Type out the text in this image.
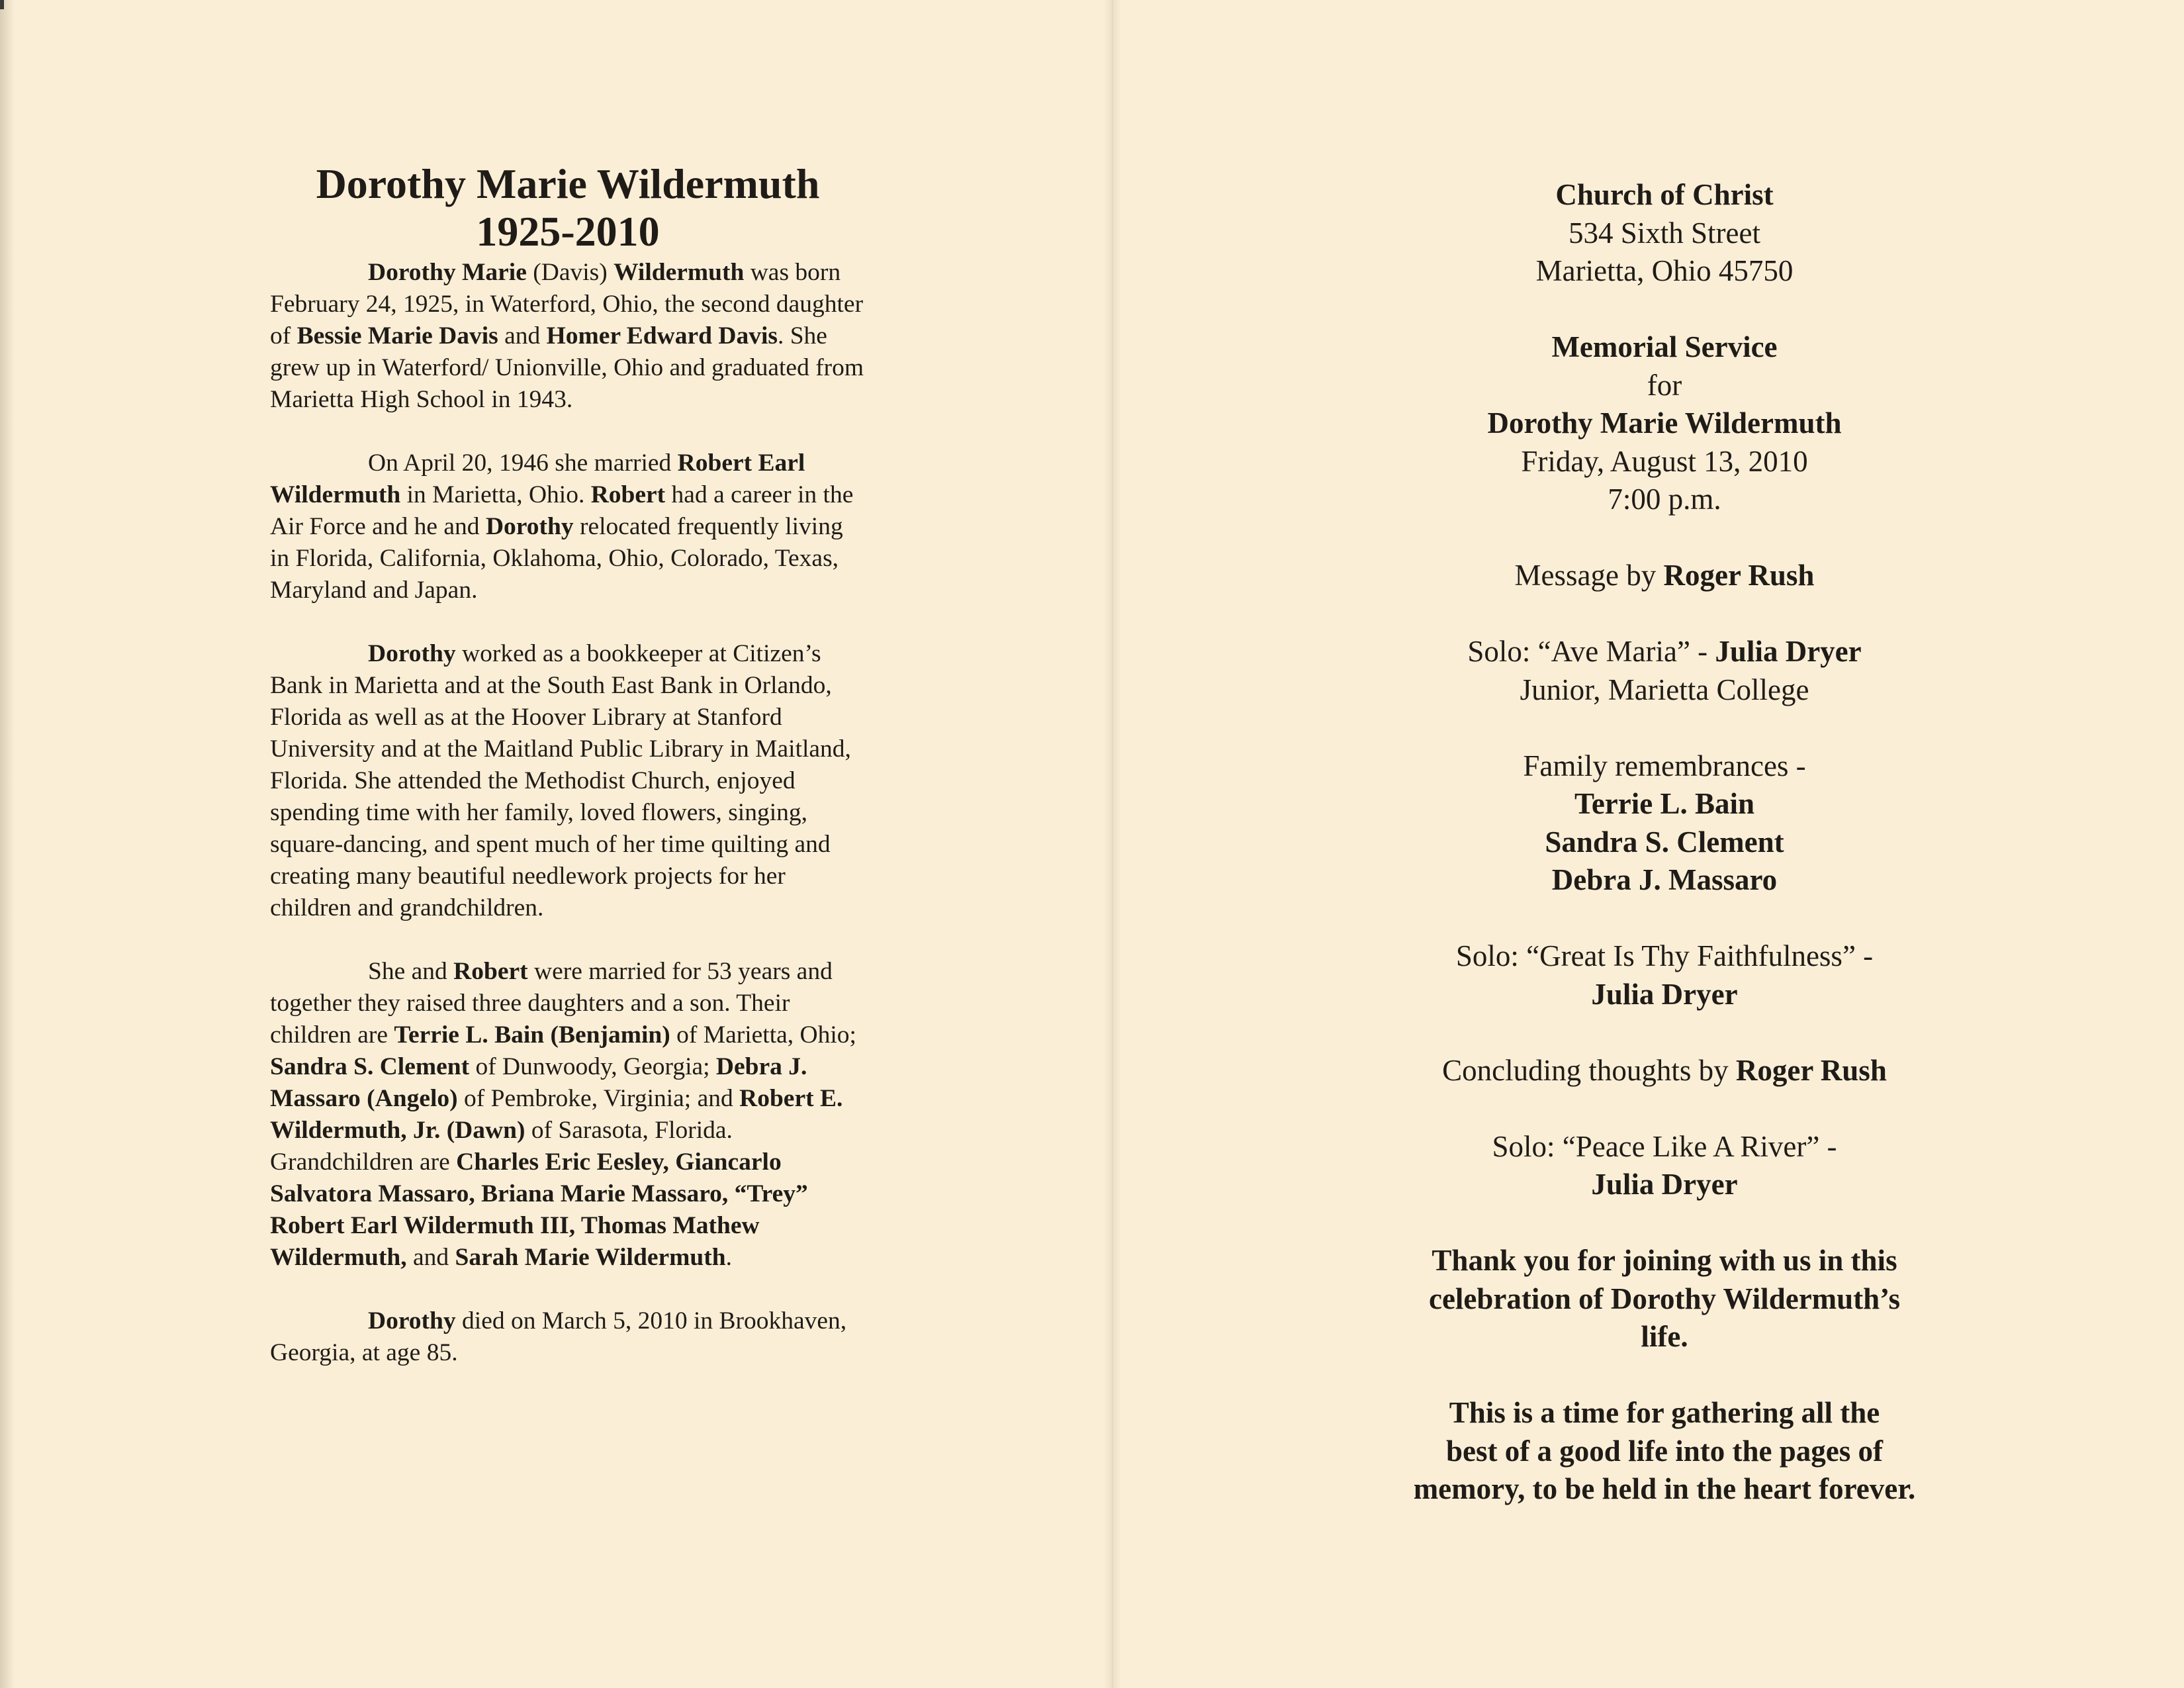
Dorothy Marie Wildermuth
1925-2010

Dorothy Marie (Davis) Wildermuth was born February 24, 1925, in Waterford, Ohio, the second daughter of Bessie Marie Davis and Homer Edward Davis. She grew up in Waterford/ Unionville, Ohio and graduated from Marietta High School in 1943.

On April 20, 1946 she married Robert Earl Wildermuth in Marietta, Ohio. Robert had a career in the Air Force and he and Dorothy relocated frequently living in Florida, California, Oklahoma, Ohio, Colorado, Texas, Maryland and Japan.

Dorothy worked as a bookkeeper at Citizen’s Bank in Marietta and at the South East Bank in Orlando, Florida as well as at the Hoover Library at Stanford University and at the Maitland Public Library in Maitland, Florida. She attended the Methodist Church, enjoyed spending time with her family, loved flowers, singing, square-dancing, and spent much of her time quilting and creating many beautiful needlework projects for her children and grandchildren.

She and Robert were married for 53 years and together they raised three daughters and a son. Their children are Terrie L. Bain (Benjamin) of Marietta, Ohio; Sandra S. Clement of Dunwoody, Georgia; Debra J. Massaro (Angelo) of Pembroke, Virginia; and Robert E. Wildermuth, Jr. (Dawn) of Sarasota, Florida. Grandchildren are Charles Eric Eesley, Giancarlo Salvatora Massaro, Briana Marie Massaro, “Trey” Robert Earl Wildermuth III, Thomas Mathew Wildermuth, and Sarah Marie Wildermuth.

Dorothy died on March 5, 2010 in Brookhaven, Georgia, at age 85.

Church of Christ
534 Sixth Street
Marietta, Ohio 45750
Memorial Service
for
Dorothy Marie Wildermuth
Friday, August 13, 2010
7:00 p.m.
Message by Roger Rush
Solo: “Ave Maria” - Julia Dryer
Junior, Marietta College
Family remembrances -
Terrie L. Bain
Sandra S. Clement
Debra J. Massaro
Solo: “Great Is Thy Faithfulness” -
Julia Dryer
Concluding thoughts by Roger Rush
Solo: “Peace Like A River” -
Julia Dryer
Thank you for joining with us in this
celebration of Dorothy Wildermuth’s
life.
This is a time for gathering all the
best of a good life into the pages of
memory, to be held in the heart forever.
